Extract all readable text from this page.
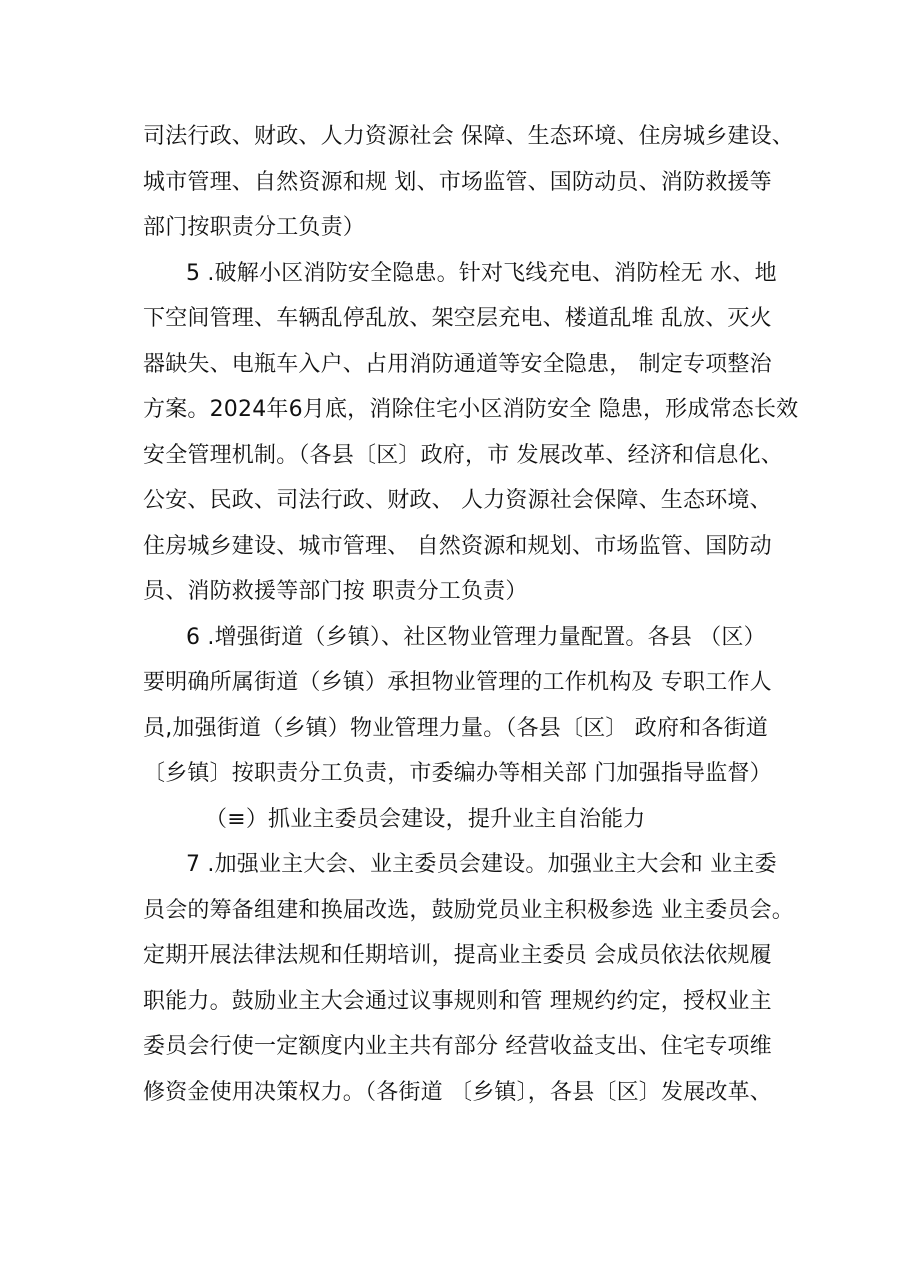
司法行政、财政、人力资源社会 保障、生态环境、住房城乡建设、
城市管理、自然资源和规 划、市场监管、国防动员、消防救援等
部门按职责分工负责）
5 .破解小区消防安全隐患。针对飞线充电、消防栓无 水、地
下空间管理、车辆乱停乱放、架空层充电、楼道乱堆 乱放、灭火
器缺失、电瓶车入户、占用消防通道等安全隐患， 制定专项整治
方案。2024年6月底，消除住宅小区消防安全 隐患，形成常态长效
安全管理机制。（各县〔区〕政府，市 发展改革、经济和信息化、
公安、民政、司法行政、财政、 人力资源社会保障、生态环境、
住房城乡建设、城市管理、 自然资源和规划、市场监管、国防动
员、消防救援等部门按 职责分工负责）
6 .增强街道（乡镇）、社区物业管理力量配置。各县 （区）
要明确所属街道（乡镇）承担物业管理的工作机构及 专职工作人
员,加强街道（乡镇）物业管理力量。（各县〔区〕 政府和各街道
〔乡镇〕按职责分工负责，市委编办等相关部 门加强指导监督）
（≡）抓业主委员会建设，提升业主自治能力
7 .加强业主大会、业主委员会建设。加强业主大会和 业主委
员会的筹备组建和换届改选，鼓励党员业主积极参选 业主委员会。
定期开展法律法规和任期培训，提高业主委员 会成员依法依规履
职能力。鼓励业主大会通过议事规则和管 理规约约定，授权业主
委员会行使一定额度内业主共有部分 经营收益支出、住宅专项维
修资金使用决策权力。（各街道 〔乡镇〕，各县〔区〕发展改革、
